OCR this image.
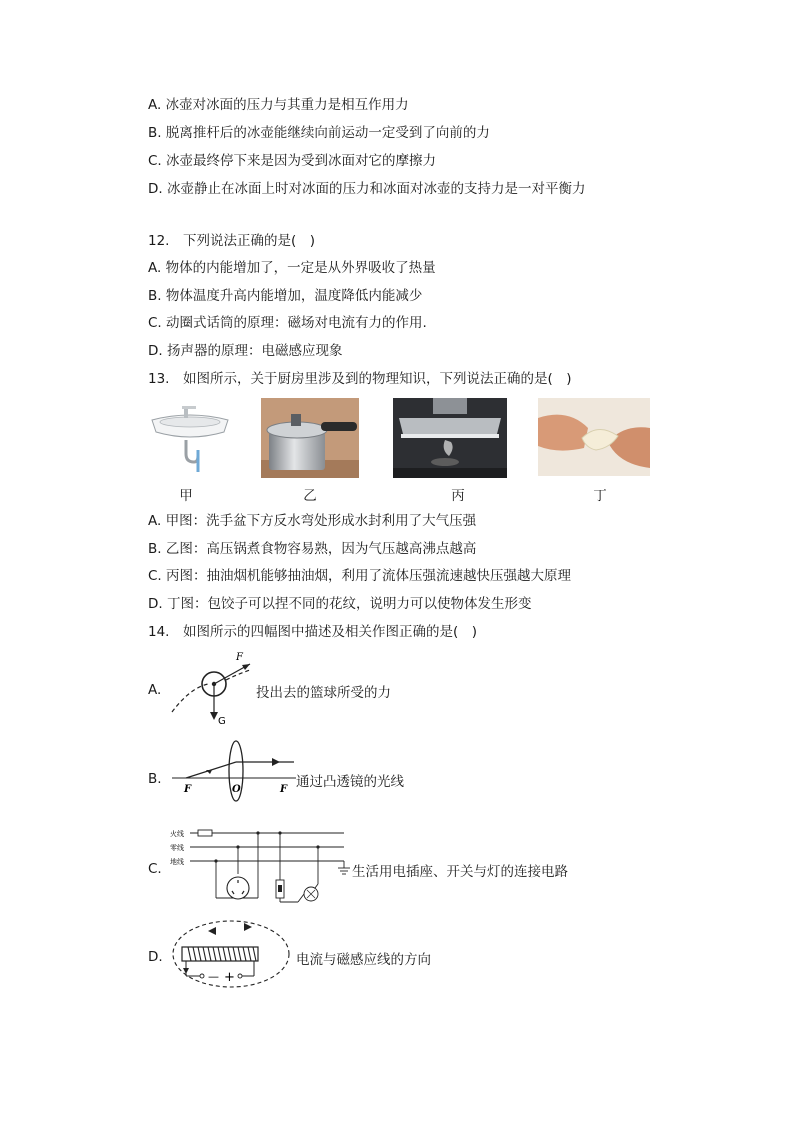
A. 冰壶对冰面的压力与其重力是相互作用力
B. 脱离推杆后的冰壶能继续向前运动一定受到了向前的力
C. 冰壶最终停下来是因为受到冰面对它的摩擦力
D. 冰壶静止在冰面上时对冰面的压力和冰面对冰壶的支持力是一对平衡力
12.　下列说法正确的是(　)
A. 物体的内能增加了，一定是从外界吸收了热量
B. 物体温度升高内能增加，温度降低内能减少
C. 动圈式话筒的原理：磁场对电流有力的作用.
D. 扬声器的原理：电磁感应现象
13.　如图所示，关于厨房里涉及到的物理知识，下列说法正确的是(　)
甲	乙	丙	丁
A. 甲图：洗手盆下方反水弯处形成水封利用了大气压强
B. 乙图：高压锅煮食物容易熟，因为气压越高沸点越高
C. 丙图：抽油烟机能够抽油烟，利用了流体压强流速越快压强越大原理
D. 丁图：包饺子可以捏不同的花纹，说明力可以使物体发生形变
14.　如图所示的四幅图中描述及相关作图正确的是(　)
A.
F
G
投出去的篮球所受的力
B.
F	O	F 通过凸透镜的光线
C.
火线
零线
地线
生活用电插座、开关与灯的连接电路
D.
— +
电流与磁感应线的方向
